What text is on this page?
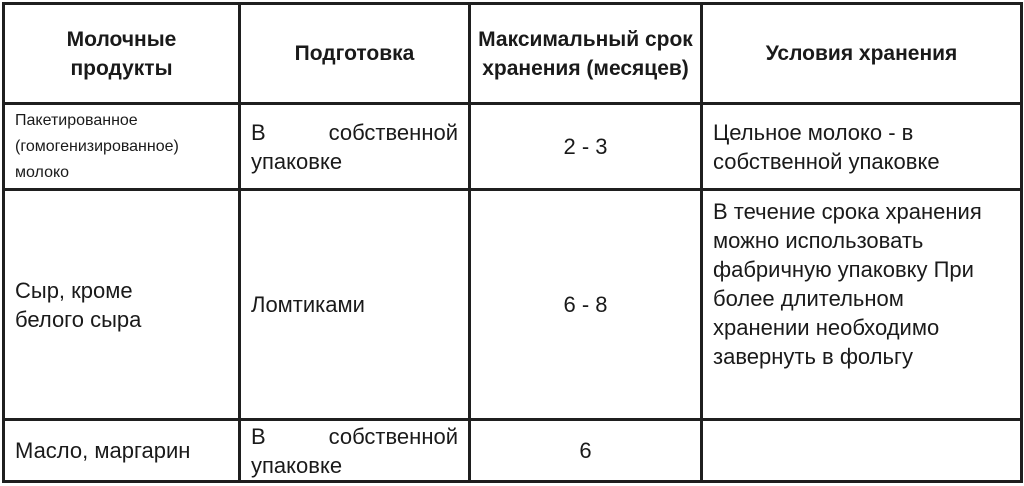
Молочные продукты	Подготовка	Максимальный срок хранения (месяцев)	Условия хранения

Пакетированное (гомогенизированное) молоко	В собственной упаковке	2 - 3	Цельное молоко - в собственной упаковке

Сыр, кроме белого сыра	Ломтиками	6 - 8	В течение срока хранения можно использовать фабричную упаковку При более длительном хранении необходимо завернуть в фольгу

Масло, маргарин	В собственной упаковке	6	
